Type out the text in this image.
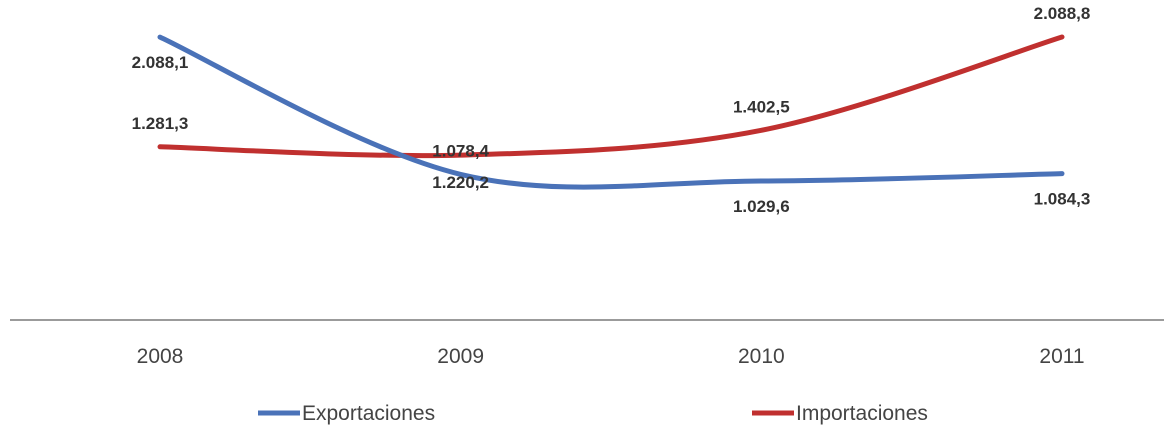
2.088,1
1.078,4
1.029,6	1.084,3
1.281,3
1.220,2
1.402,5
2.088,8
2008	2009	2010	2011
Exportaciones	Importaciones
